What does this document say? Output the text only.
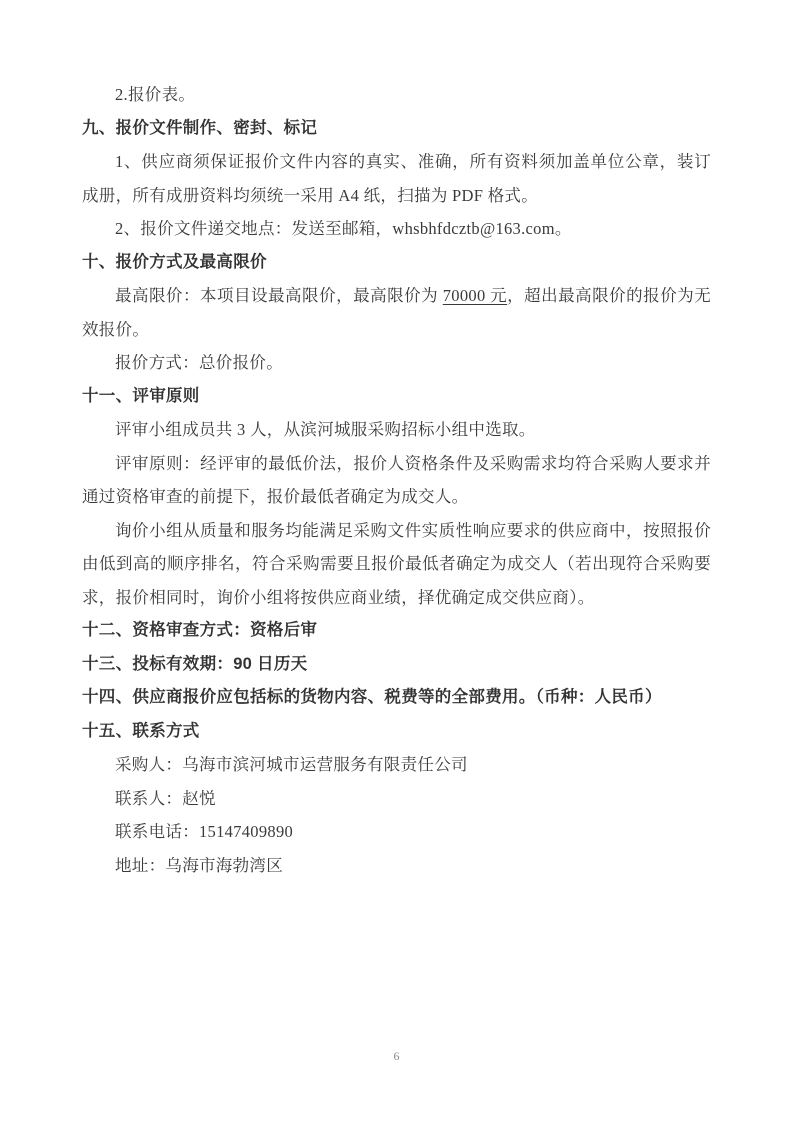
2.报价表。

九、报价文件制作、密封、标记

1、供应商须保证报价文件内容的真实、准确，所有资料须加盖单位公章，装订成册，所有成册资料均须统一采用 A4 纸，扫描为 PDF 格式。

2、报价文件递交地点：发送至邮箱，whsbhfdcztb@163.com。

十、报价方式及最高限价

最高限价：本项目设最高限价，最高限价为 70000 元，超出最高限价的报价为无效报价。

报价方式：总价报价。

十一、评审原则

评审小组成员共 3 人，从滨河城服采购招标小组中选取。

评审原则：经评审的最低价法，报价人资格条件及采购需求均符合采购人要求并通过资格审查的前提下，报价最低者确定为成交人。

询价小组从质量和服务均能满足采购文件实质性响应要求的供应商中，按照报价由低到高的顺序排名，符合采购需要且报价最低者确定为成交人（若出现符合采购要求，报价相同时，询价小组将按供应商业绩，择优确定成交供应商）。

十二、资格审查方式：资格后审

十三、投标有效期：90 日历天

十四、供应商报价应包括标的货物内容、税费等的全部费用。（币种：人民币）

十五、联系方式

采购人：乌海市滨河城市运营服务有限责任公司

联系人：赵悦

联系电话：15147409890

地址：乌海市海勃湾区

6
